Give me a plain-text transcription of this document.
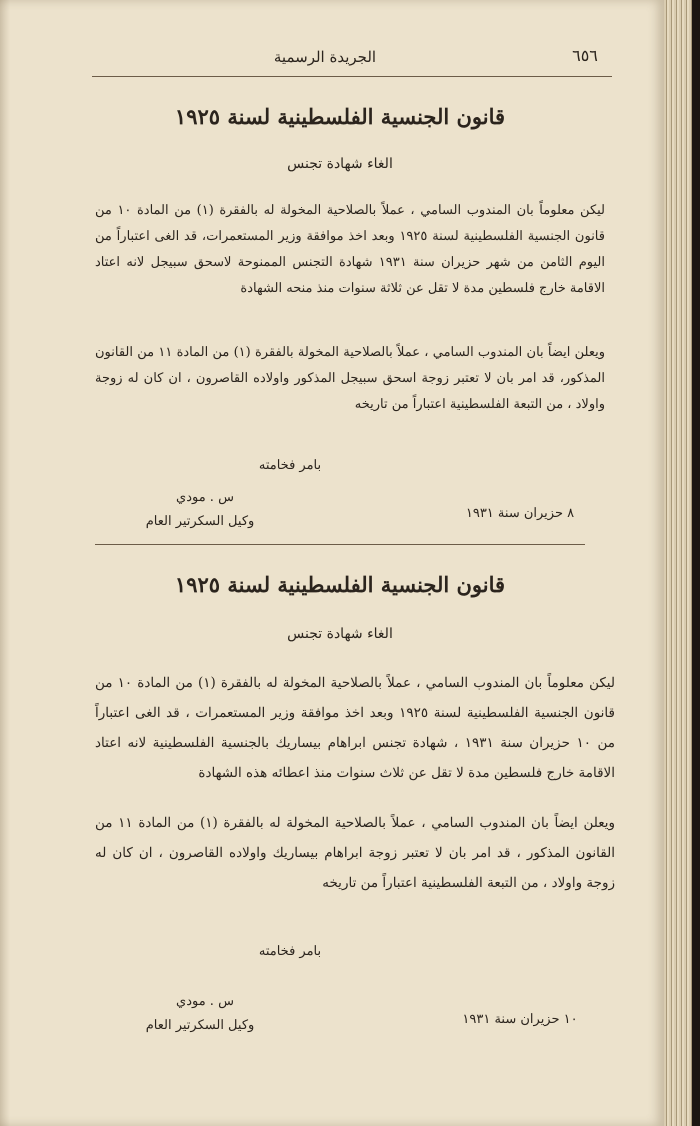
الجريدة الرسمية	٦٥٦
قانون الجنسية الفلسطينية لسنة ١٩٢٥
الغاء شهادة تجنس
ليكن معلوماً بان المندوب السامي ، عملاً بالصلاحية المخولة له بالفقرة (١) من المادة ١٠ من قانون الجنسية الفلسطينية لسنة ١٩٢٥ وبعد اخذ موافقة وزير المستعمرات، قد الغى اعتباراً من اليوم الثامن من شهر حزيران سنة ١٩٣١ شهادة التجنس الممنوحة لاسحق سبيجل لانه اعتاد الاقامة خارج فلسطين مدة لا تقل عن ثلاثة سنوات منذ منحه الشهادة
ويعلن ايضاً بان المندوب السامي ، عملاً بالصلاحية المخولة بالفقرة (١) من المادة ١١ من القانون المذكور، قد امر بان لا تعتبر زوجة اسحق سبيجل المذكور واولاده القاصرون ، ان كان له زوجة واولاد ، من التبعة الفلسطينية اعتباراً من تاريخه
بامر فخامته
س . مودي
وكيل السكرتير العام
٨ حزيران سنة ١٩٣١
قانون الجنسية الفلسطينية لسنة ١٩٢٥
الغاء شهادة تجنس
ليكن معلوماً بان المندوب السامي ، عملاً بالصلاحية المخولة له بالفقرة (١) من المادة ١٠ من قانون الجنسية الفلسطينية لسنة ١٩٢٥ وبعد اخذ موافقة وزير المستعمرات ، قد الغى اعتباراً من ١٠ حزيران سنة ١٩٣١ ، شهادة تجنس ابراهام بيساريك بالجنسية الفلسطينية لانه اعتاد الاقامة خارج فلسطين مدة لا تقل عن ثلاث سنوات منذ اعطائه هذه الشهادة
ويعلن ايضاً بان المندوب السامي ، عملاً بالصلاحية المخولة له بالفقرة (١) من المادة ١١ من القانون المذكور ، قد امر بان لا تعتبر زوجة ابراهام بيساريك واولاده القاصرون ، ان كان له زوجة واولاد ، من التبعة الفلسطينية اعتباراً من تاريخه
بامر فخامته
س . مودي
وكيل السكرتير العام	١٠ حزيران سنة ١٩٣١
